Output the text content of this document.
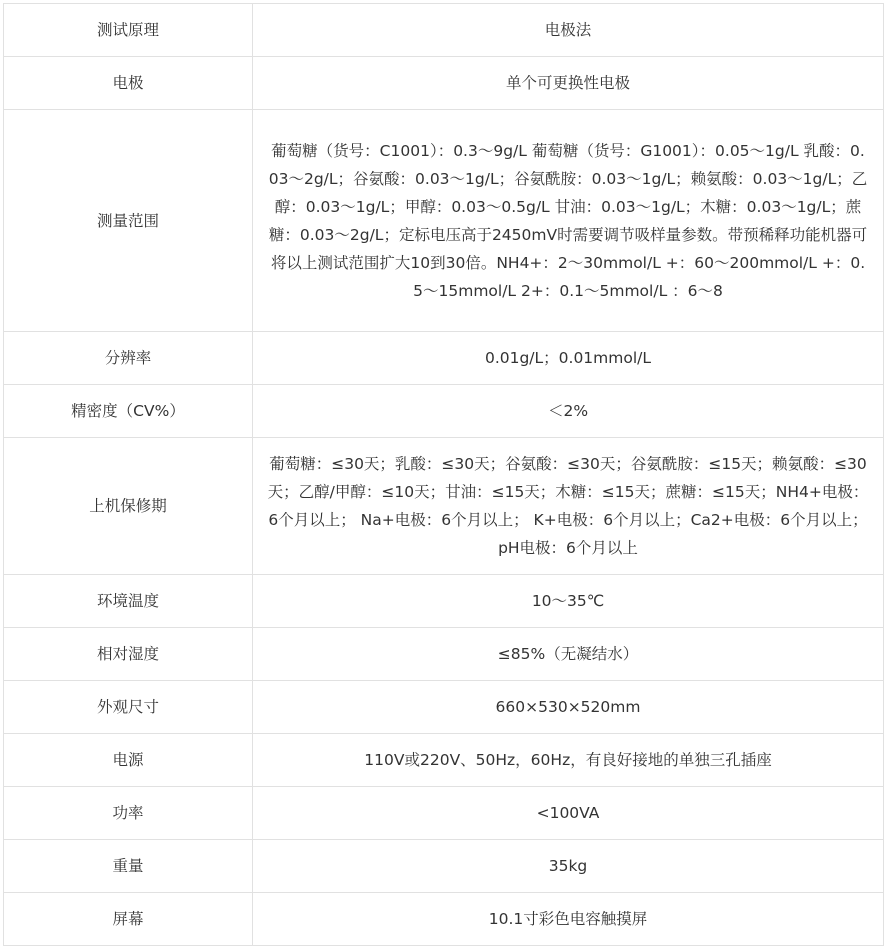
测试原理	电极法
电极	单个可更换性电极
测量范围	葡萄糖（货号：C1001）：0.3～9g/L 葡萄糖（货号：G1001）：0.05～1g/L 乳酸：0.03～2g/L；谷氨酸：0.03～1g/L；谷氨酰胺：0.03～1g/L；赖氨酸：0.03～1g/L；乙醇：0.03～1g/L；甲醇：0.03～0.5g/L 甘油：0.03～1g/L；木糖：0.03～1g/L；蔗糖：0.03～2g/L；定标电压高于2450mV时需要调节吸样量参数。带预稀释功能机器可将以上测试范围扩大10到30倍。NH4+：2～30mmol/L +：60～200mmol/L +：0.5～15mmol/L 2+：0.1～5mmol/L ：6～8
分辨率	0.01g/L；0.01mmol/L
精密度（CV%）	＜2%
上机保修期	葡萄糖：≤30天；乳酸：≤30天；谷氨酸：≤30天；谷氨酰胺：≤15天；赖氨酸：≤30天；乙醇/甲醇：≤10天；甘油：≤15天；木糖：≤15天；蔗糖：≤15天；NH4+电极：6个月以上； Na+电极：6个月以上； K+电极：6个月以上；Ca2+电极：6个月以上；pH电极：6个月以上
环境温度	10～35℃
相对湿度	≤85%（无凝结水）
外观尺寸	660×530×520mm
电源	110V或220V、50Hz，60Hz，有良好接地的单独三孔插座
功率	<100VA
重量	35kg
屏幕	10.1寸彩色电容触摸屏
